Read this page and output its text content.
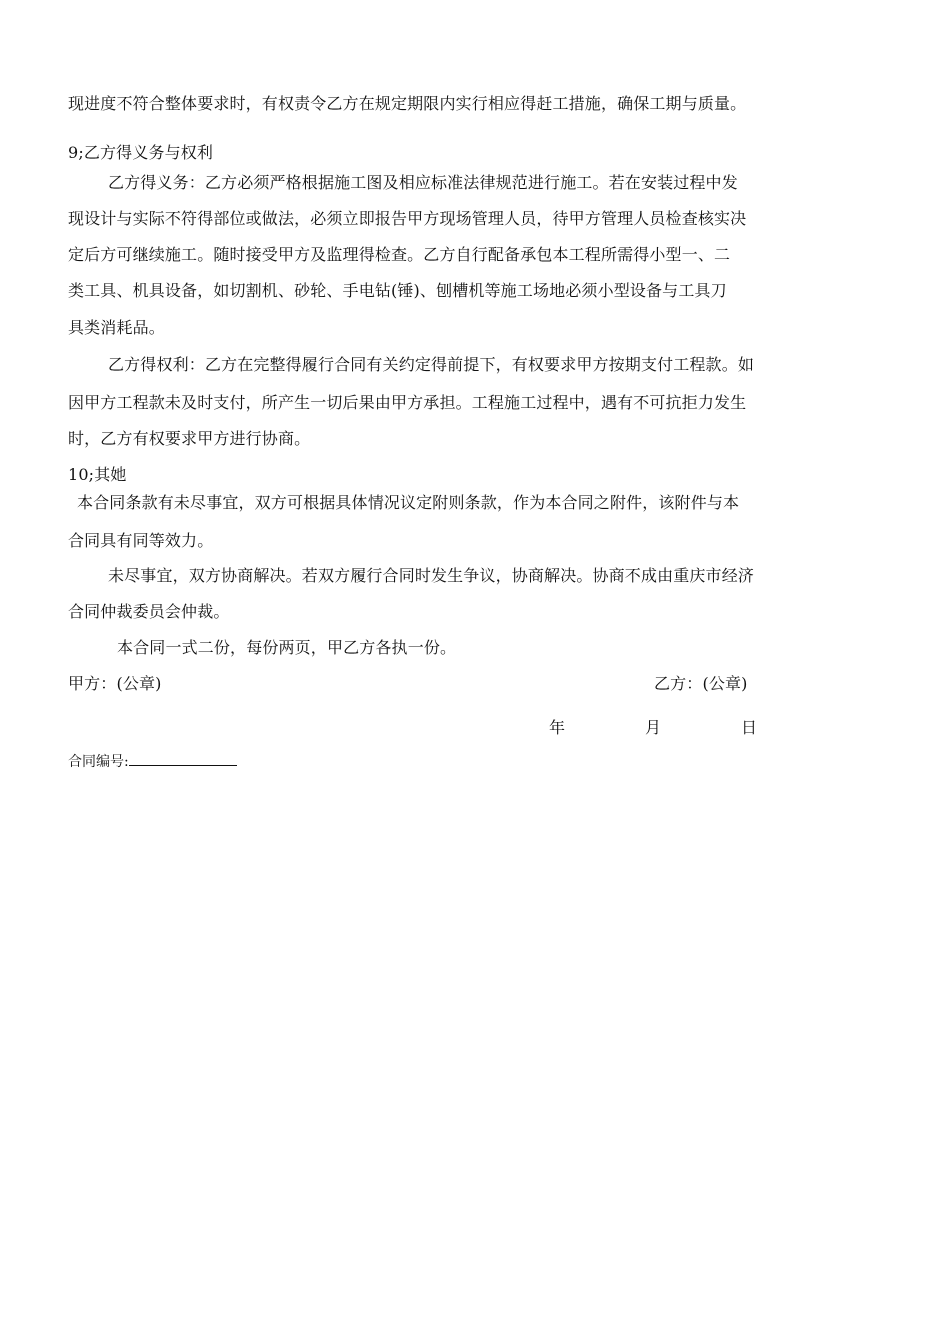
现进度不符合整体要求时，有权责令乙方在规定期限内实行相应得赶工措施，确保工期与质量。
9;乙方得义务与权利
乙方得义务：乙方必须严格根据施工图及相应标准法律规范进行施工。若在安装过程中发
现设计与实际不符得部位或做法，必须立即报告甲方现场管理人员，待甲方管理人员检查核实决
定后方可继续施工。随时接受甲方及监理得检查。乙方自行配备承包本工程所需得小型一、二
类工具、机具设备，如切割机、砂轮、手电钻(锤)、刨槽机等施工场地必须小型设备与工具刀
具类消耗品。
乙方得权利：乙方在完整得履行合同有关约定得前提下，有权要求甲方按期支付工程款。如
因甲方工程款未及时支付，所产生一切后果由甲方承担。工程施工过程中，遇有不可抗拒力发生
时，乙方有权要求甲方进行协商。
10;其她
本合同条款有未尽事宜，双方可根据具体情况议定附则条款，作为本合同之附件，该附件与本
合同具有同等效力。
未尽事宜，双方协商解决。若双方履行合同时发生争议，协商解决。协商不成由重庆市经济
合同仲裁委员会仲裁。
本合同一式二份，每份两页，甲乙方各执一份。
甲方：(公章)	乙方：(公章)
年	月	日
合同编号:
